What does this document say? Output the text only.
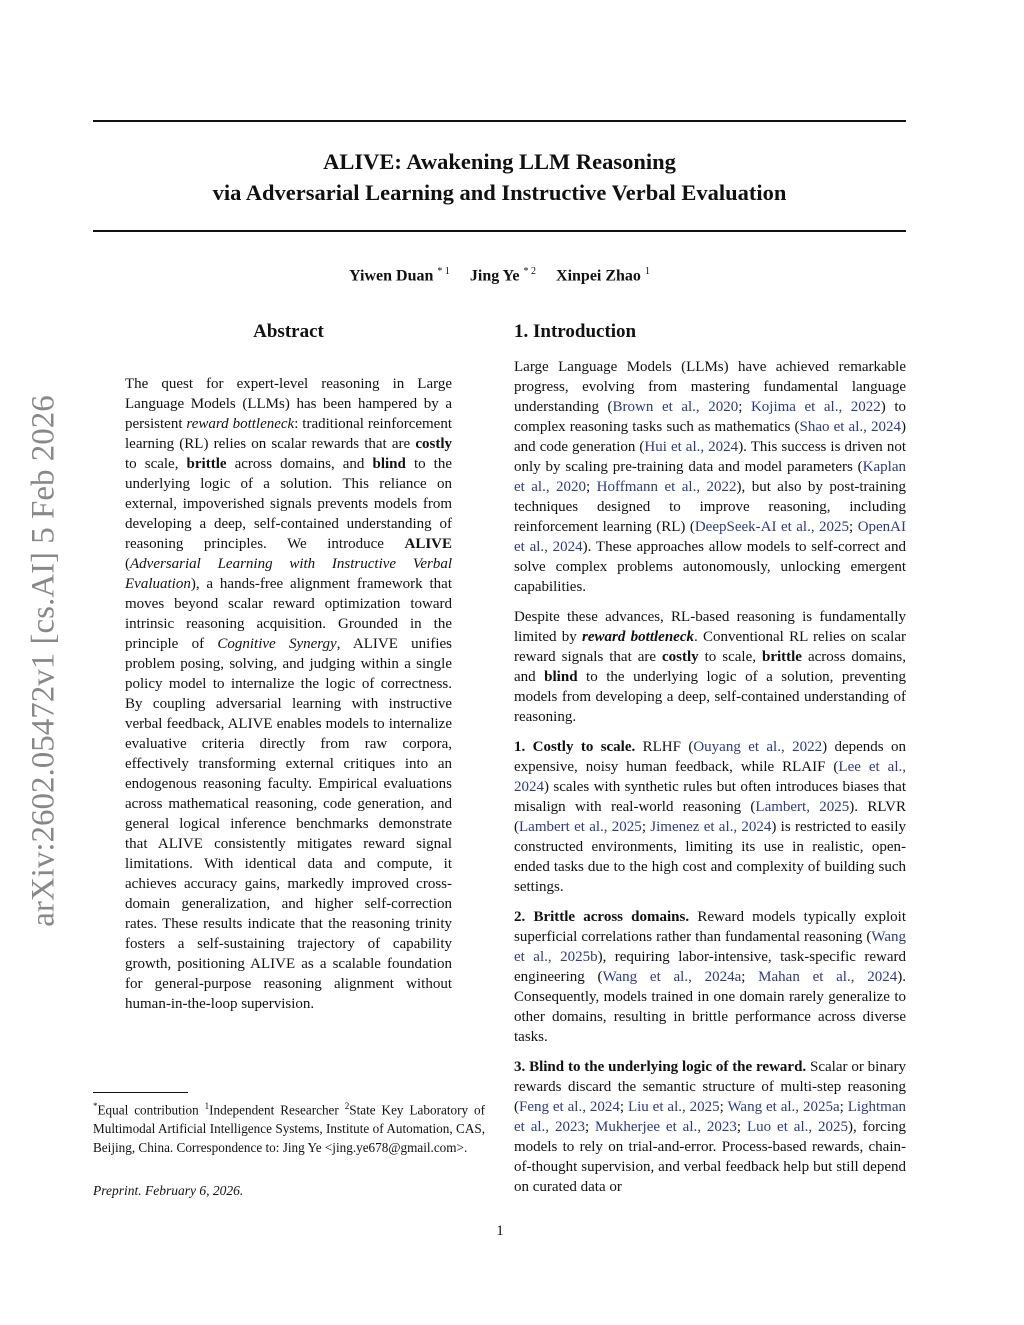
ALIVE: Awakening LLM Reasoning
via Adversarial Learning and Instructive Verbal Evaluation
Yiwen Duan $^{* 1}$ Jing Ye $^{* 2}$ Xinpei Zhao $^1$
arXiv:2602.05472v1 [cs.AI] 5 Feb 2026
Abstract
The quest for expert-level reasoning in Large Language Models (LLMs) has been hampered by a persistent reward bottleneck: traditional reinforcement learning (RL) relies on scalar rewards that are costly to scale, brittle across domains, and blind to the underlying logic of a solution. This reliance on external, impoverished signals prevents models from developing a deep, self-contained understanding of reasoning principles. We introduce ALIVE (Adversarial Learning with Instructive Verbal Evaluation), a hands-free alignment framework that moves beyond scalar reward optimization toward intrinsic reasoning acquisition. Grounded in the principle of Cognitive Synergy, ALIVE unifies problem posing, solving, and judging within a single policy model to internalize the logic of correctness. By coupling adversarial learning with instructive verbal feedback, ALIVE enables models to internalize evaluative criteria directly from raw corpora, effectively transforming external critiques into an endogenous reasoning faculty. Empirical evaluations across mathematical reasoning, code generation, and general logical inference benchmarks demonstrate that ALIVE consistently mitigates reward signal limitations. With identical data and compute, it achieves accuracy gains, markedly improved cross-domain generalization, and higher self-correction rates. These results indicate that the reasoning trinity fosters a self-sustaining trajectory of capability growth, positioning ALIVE as a scalable foundation for general-purpose reasoning alignment without human-in-the-loop supervision.
1. Introduction

Large Language Models (LLMs) have achieved remarkable progress, evolving from mastering fundamental language understanding (Brown et al., 2020; Kojima et al., 2022) to complex reasoning tasks such as mathematics (Shao et al., 2024) and code generation (Hui et al., 2024). This success is driven not only by scaling pre-training data and model parameters (Kaplan et al., 2020; Hoffmann et al., 2022), but also by post-training techniques designed to improve reasoning, including reinforcement learning (RL) (DeepSeek-AI et al., 2025; OpenAI et al., 2024). These approaches allow models to self-correct and solve complex problems autonomously, unlocking emergent capabilities.

Despite these advances, RL-based reasoning is fundamentally limited by reward bottleneck. Conventional RL relies on scalar reward signals that are costly to scale, brittle across domains, and blind to the underlying logic of a solution, preventing models from developing a deep, self-contained understanding of reasoning.

1. Costly to scale. RLHF (Ouyang et al., 2022) depends on expensive, noisy human feedback, while RLAIF (Lee et al., 2024) scales with synthetic rules but often introduces biases that misalign with real-world reasoning (Lambert, 2025). RLVR (Lambert et al., 2025; Jimenez et al., 2024) is restricted to easily constructed environments, limiting its use in realistic, open-ended tasks due to the high cost and complexity of building such settings.

2. Brittle across domains. Reward models typically exploit superficial correlations rather than fundamental reasoning (Wang et al., 2025b), requiring labor-intensive, task-specific reward engineering (Wang et al., 2024a; Mahan et al., 2024). Consequently, models trained in one domain rarely generalize to other domains, resulting in brittle performance across diverse tasks.

3. Blind to the underlying logic of the reward. Scalar or binary rewards discard the semantic structure of multi-step reasoning (Feng et al., 2024; Liu et al., 2025; Wang et al., 2025a; Lightman et al., 2023; Mukherjee et al., 2023; Luo et al., 2025), forcing models to rely on trial-and-error. Process-based rewards, chain-of-thought supervision, and verbal feedback help but still depend on curated data or

*Equal contribution $^1$Independent Researcher $^2$State Key Laboratory of Multimodal Artificial Intelligence Systems, Institute of Automation, CAS, Beijing, China. Correspondence to: Jing Ye <jing.ye678@gmail.com>.
Preprint. February 6, 2026.
1
